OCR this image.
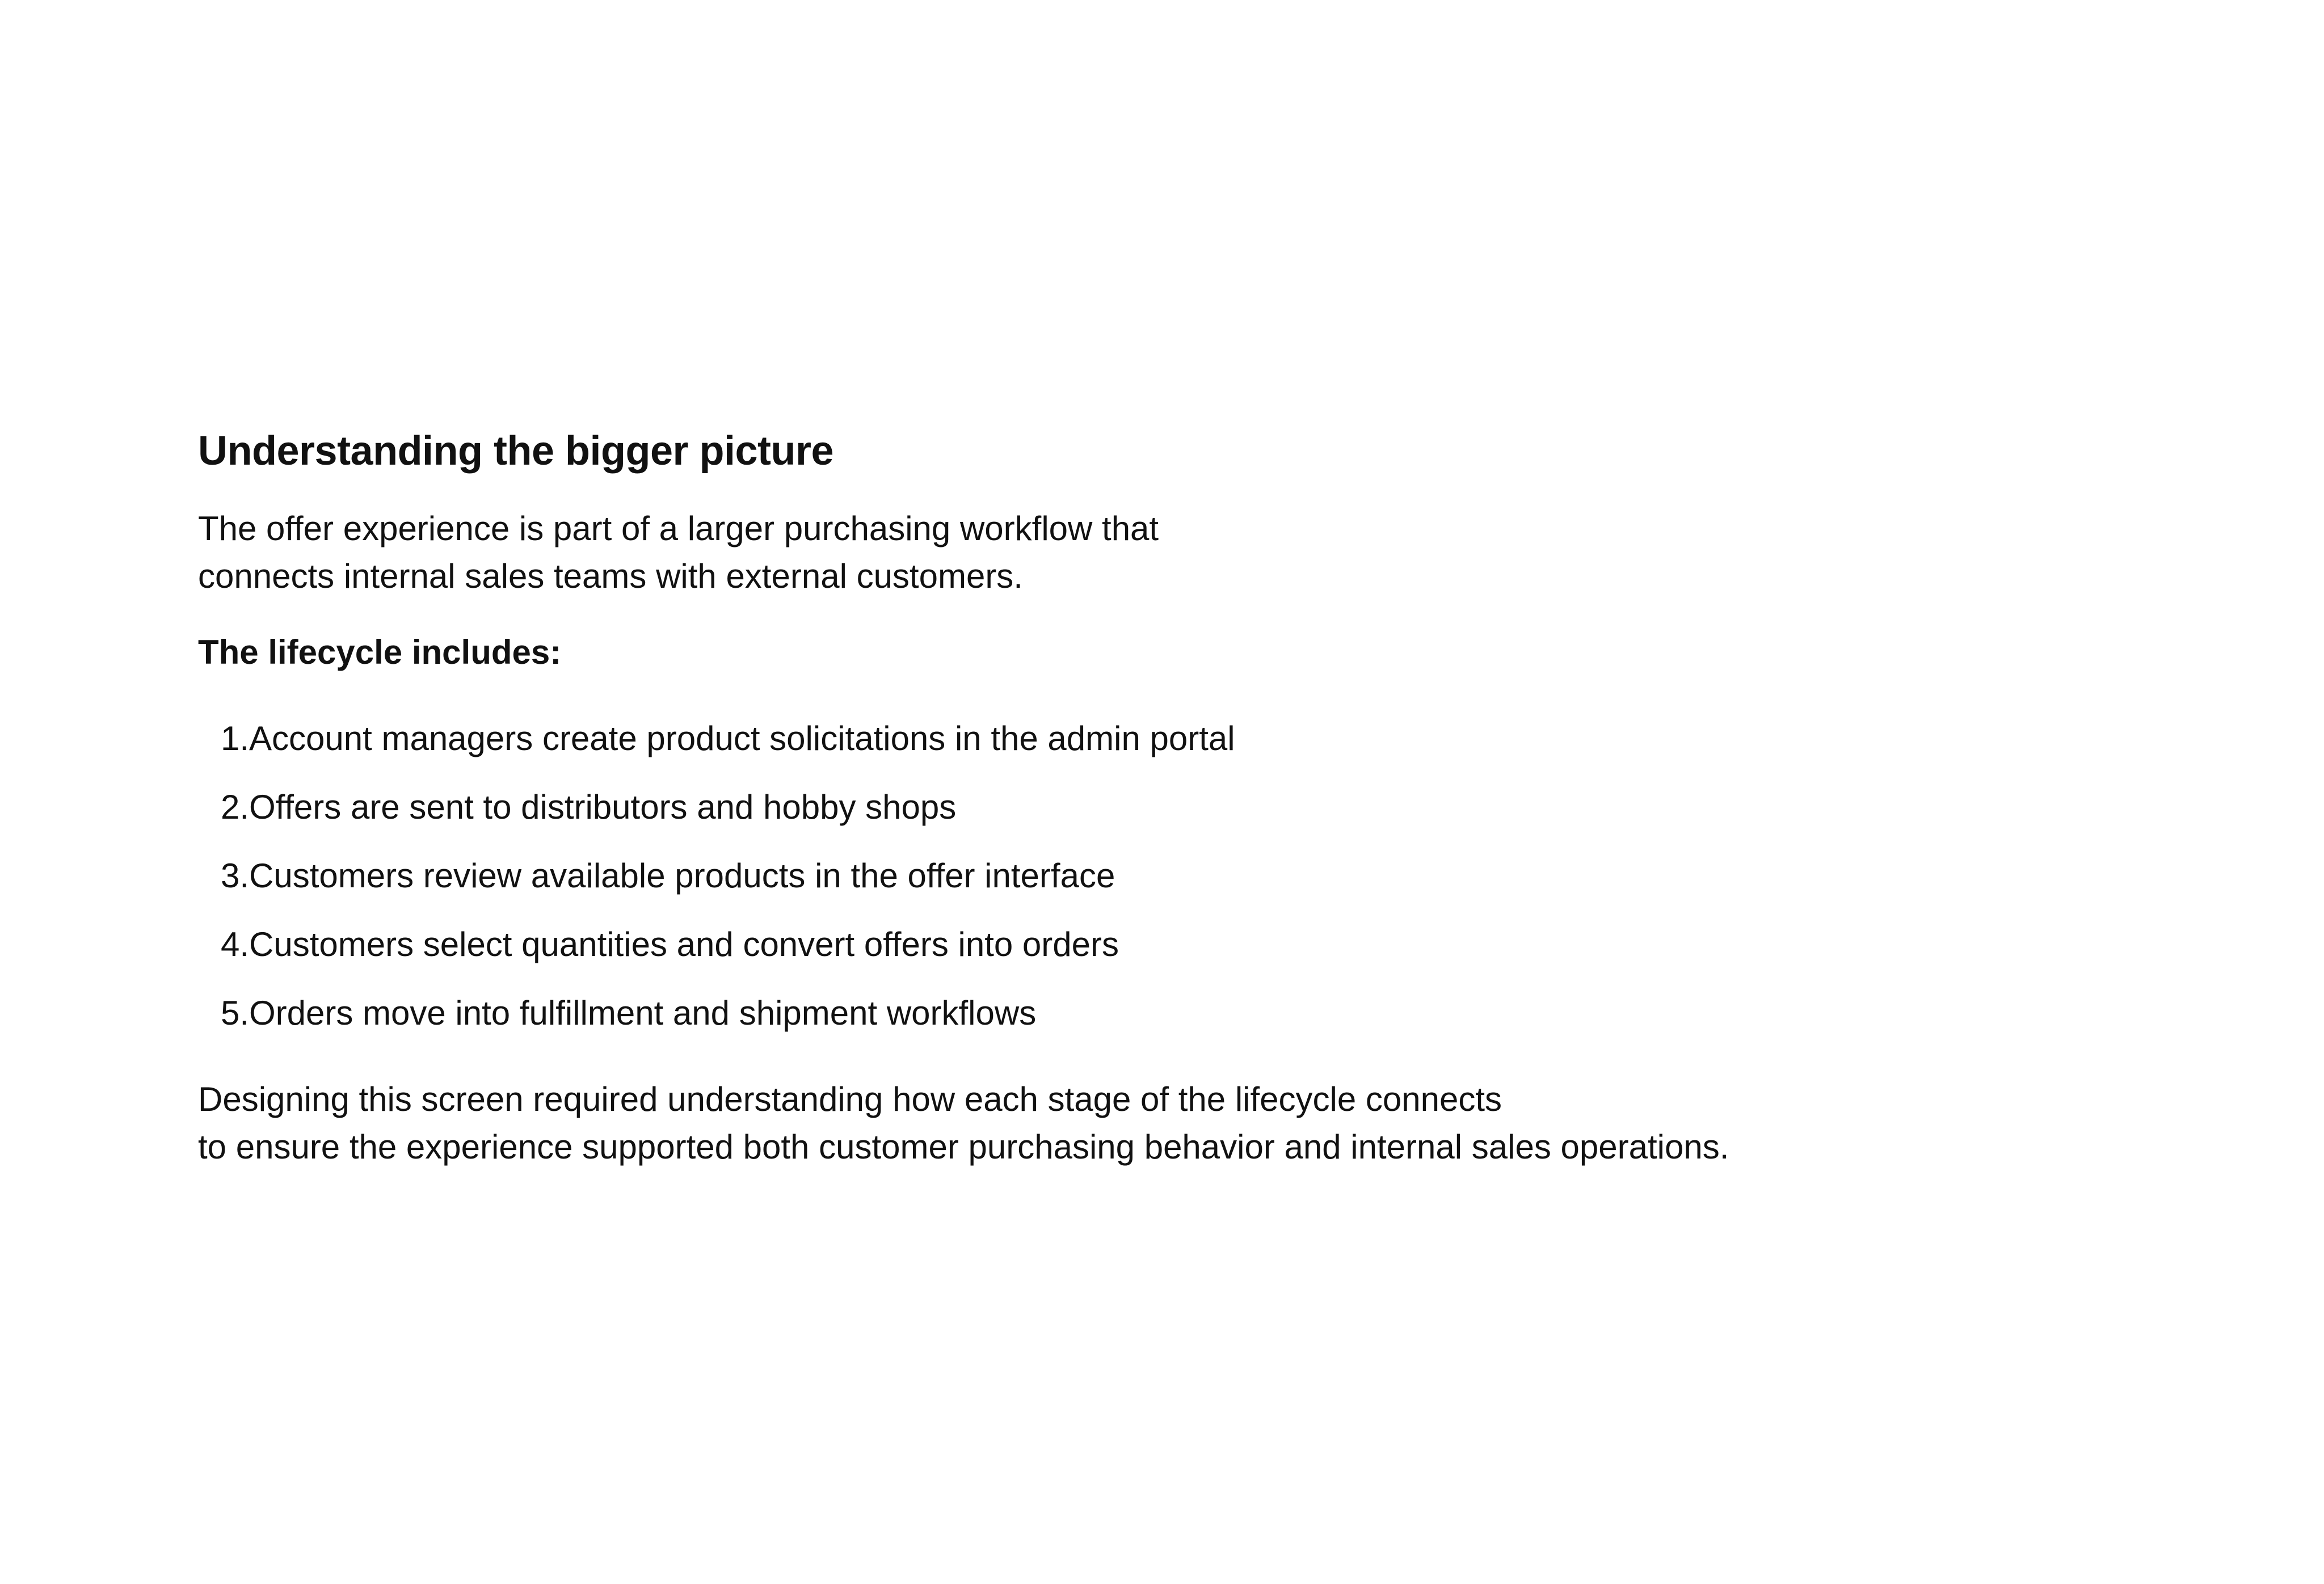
Understanding the bigger picture

The offer experience is part of a larger purchasing workflow that
connects internal sales teams with external customers.

The lifecycle includes:

1. Account managers create product solicitations in the admin portal
2. Offers are sent to distributors and hobby shops
3. Customers review available products in the offer interface
4. Customers select quantities and convert offers into orders
5. Orders move into fulfillment and shipment workflows

Designing this screen required understanding how each stage of the lifecycle connects
to ensure the experience supported both customer purchasing behavior and internal sales operations.
